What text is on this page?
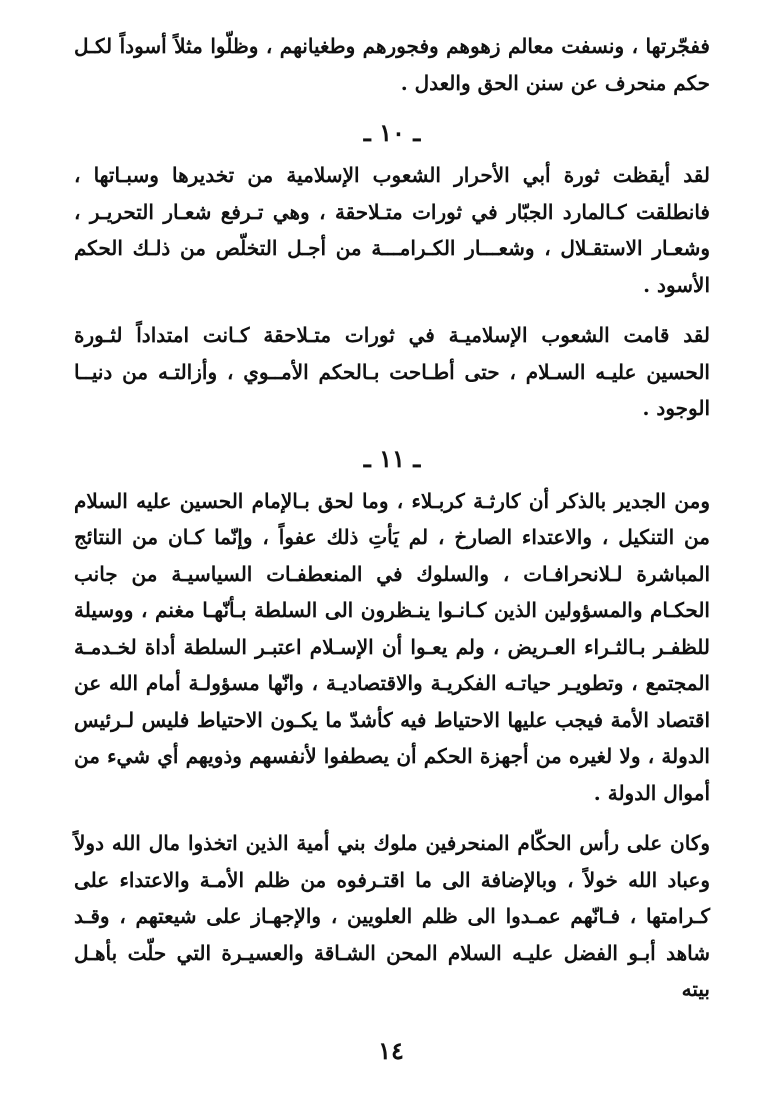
ففجّرتها ، ونسفت معالم زهوهم وفجورهم وطغيانهم ، وظلّوا مثلاً أسوداً لكـل حكم منحرف عن سنن الحق والعدل .

ـ ١٠ ـ

لقد أيقظت ثورة أبي الأحرار الشعوب الإسلامية من تخديرها وسبـاتها ، فانطلقت كـالمارد الجبّار في ثورات متـلاحقة ، وهي تـرفع شعـار التحريـر ، وشعـار الاستقـلال ، وشعـــار الكـرامـــة من أجـل التخلّص من ذلـك الحكم الأسود .

لقد قامت الشعوب الإسلاميـة في ثورات متـلاحقة كـانت امتداداً لثـورة الحسين عليـه السـلام ، حتى أطـاحت بـالحكم الأمــوي ، وأزالتـه من دنيــا الوجود .

ـ ١١ ـ

ومن الجدير بالذكر أن كارثـة كربـلاء ، وما لحق بـالإمام الحسين عليه السلام من التنكيل ، والاعتداء الصارخ ، لم يَأتِ ذلك عفواً ، وإنّما كـان من النتائج المباشرة لـلانحرافـات ، والسلوك في المنعطفـات السياسيـة من جانب الحكـام والمسؤولين الذين كـانـوا ينـظرون الى السلطة بـأنّهـا مغنم ، ووسيلة للظفـر بـالثـراء العـريض ، ولم يعـوا أن الإسـلام اعتبـر السلطة أداة لخـدمـة المجتمع ، وتطويـر حياتـه الفكريـة والاقتصاديـة ، وانّها مسؤولـة أمام الله عن اقتصاد الأمة فيجب عليها الاحتياط فيه كأشدّ ما يكـون الاحتياط فليس لـرئيس الدولة ، ولا لغيره من أجهزة الحكم أن يصطفوا لأنفسهم وذويهم أي شيء من أموال الدولة .

وكان على رأس الحكّام المنحرفين ملوك بني أمية الذين اتخذوا مال الله دولاً وعباد الله خولاً ، وبالإضافة الى ما اقتـرفوه من ظلم الأمـة والاعتداء على كـرامتها ، فـانّهم عمـدوا الى ظلم العلويين ، والإجهـاز على شيعتهم ، وقـد شاهد أبـو الفضل عليـه السلام المحن الشـاقة والعسيـرة التي حلّت بأهـل بيته

١٤
